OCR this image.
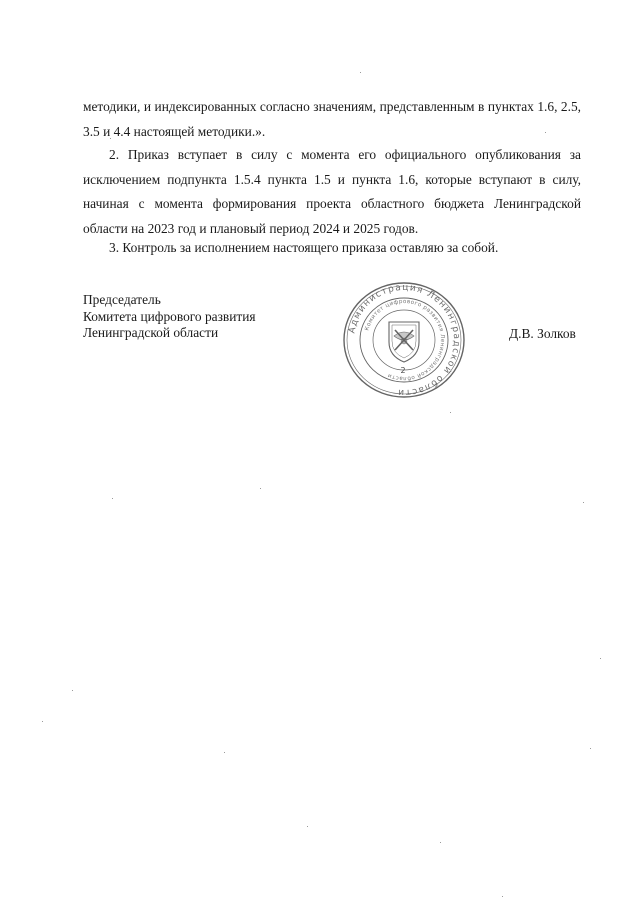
методики, и индексированных согласно значениям, представленным в пунктах 1.6, 2.5, 3.5 и 4.4 настоящей методики.».

2. Приказ вступает в силу с момента его официального опубликования за исключением подпункта 1.5.4 пункта 1.5 и пункта 1.6, которые вступают в силу, начиная с момента формирования проекта областного бюджета Ленинградской области на 2023 год и плановый период 2024 и 2025 годов.

3. Контроль за исполнением настоящего приказа оставляю за собой.

Председатель
Комитета цифрового развития
Ленинградской области	Администрация Ленинградской области
Комитет цифрового развития Ленинградской области
2
Д.В. Золков
